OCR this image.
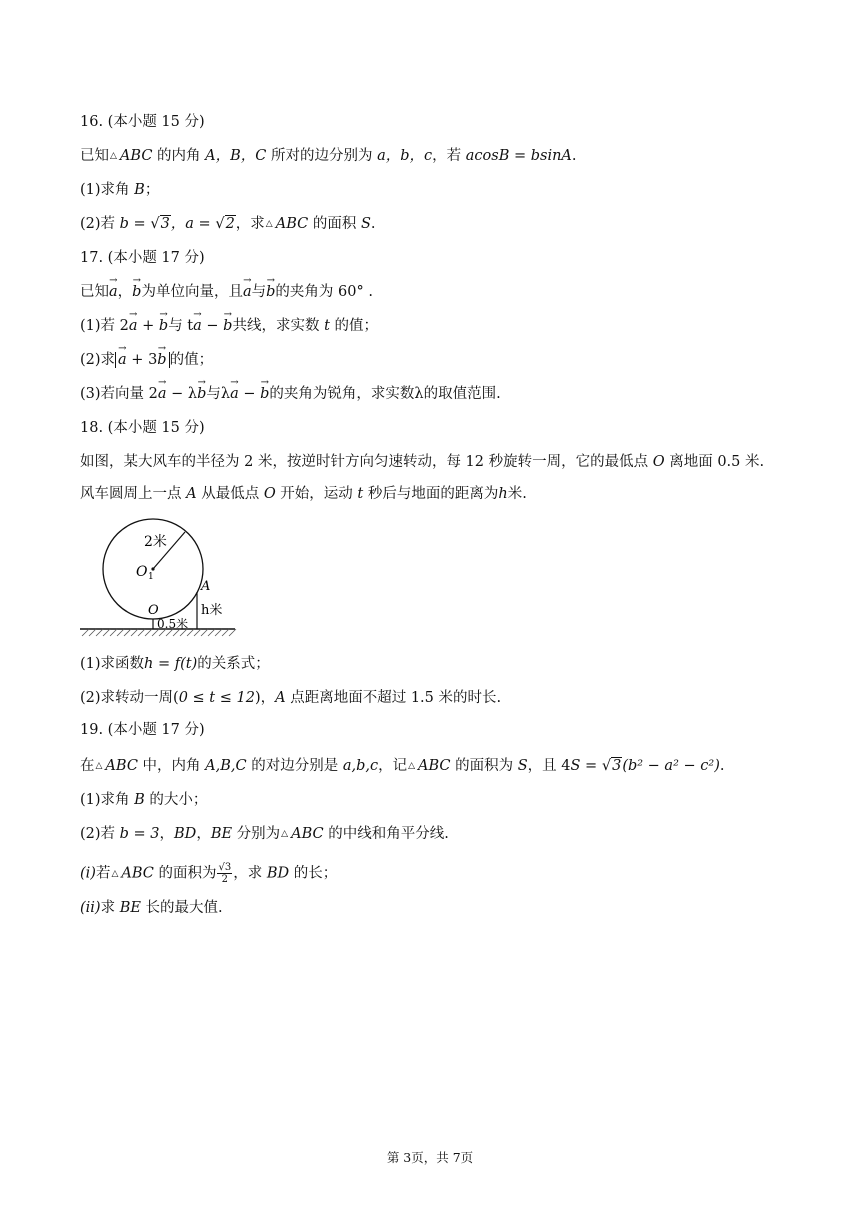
16. (本小题 15 分)
已知△ ABC 的内角 A，B，C 所对的边分别为 a，b，c，若 acosB = bsinA.
(1)求角 B；
(2)若 b = √3，a = √2，求△ ABC 的面积 S.
17. (本小题 17 分)
已知→ a，→ b为单位向量，且→ a与→ b的夹角为 60° .
(1)若 2→ a + → b与 t→ a − → b共线，求实数 t 的值；
(2)求→ a + 3→ b 的值；
(3)若向量 2→ a − λ→ b与λ→ a − → b的夹角为锐角，求实数λ的取值范围.
18. (本小题 15 分)
如图，某大风车的半径为 2 米，按逆时针方向匀速转动，每 12 秒旋转一周，它的最低点 O 离地面 0.5 米.
风车圆周上一点 A 从最低点 O 开始，运动 t 秒后与地面的距离为h米.
2米
O 1
A
h米
O
0.5米
(1)求函数h = f(t)的关系式；
(2)求转动一周(0 ≤ t ≤ 12)，A 点距离地面不超过 1.5 米的时长.
19. (本小题 17 分)
在△ ABC 中，内角 A,B,C 的对边分别是 a,b,c，记△ ABC 的面积为 S，且 4S = √3(b² − a² − c²).
(1)求角 B 的大小；
(2)若 b = 3，BD，BE 分别为△ ABC 的中线和角平分线.
(i)若△ ABC 的面积为 $\frac{√3}{2}$ ，求 BD 的长；
(ii)求 BE 长的最大值.
第 3页，共 7页
